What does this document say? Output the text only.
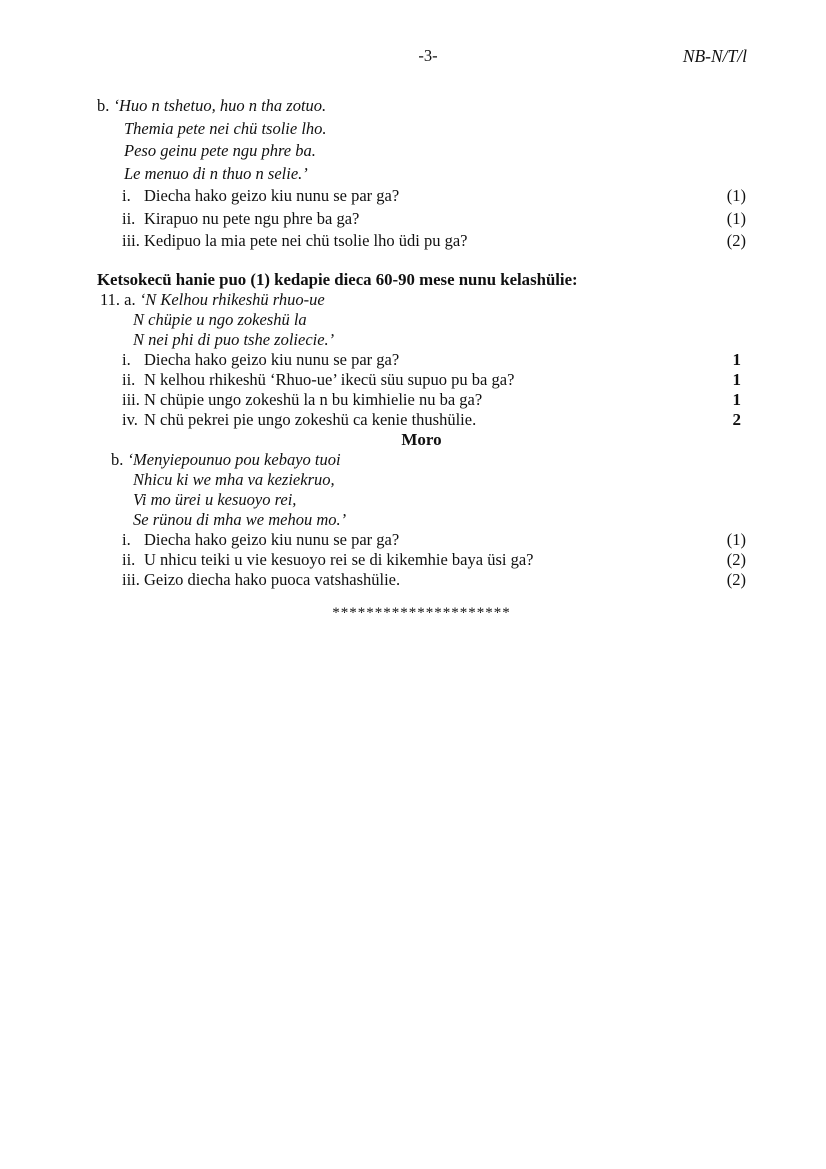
-3-	NB-N/T/l
b. ‘Huo n tshetuo, huo n tha zotuo.
Themia pete nei chü tsolie lho.
Peso geinu pete ngu phre ba.
Le menuo di n thuo n selie.’
i. Diecha hako geizo kiu nunu se par ga?	(1)
ii. Kirapuo nu pete ngu phre ba ga?	(1)
iii. Kedipuo la mia pete nei chü tsolie lho üdi pu ga?	(2)
Ketsokecü hanie puo (1) kedapie dieca 60-90 mese nunu kelashülie:
11. a. ‘N Kelhou rhikeshü rhuo-ue
N chüpie u ngo zokeshü la
N nei phi di puo tshe zoliecie.’
i. Diecha hako geizo kiu nunu se par ga?	1
ii. N kelhou rhikeshü ‘Rhuo-ue’ ikecü süu supuo pu ba ga?	1
iii. N chüpie ungo zokeshü la n bu kimhielie nu ba ga?	1
iv. N chü pekrei pie ungo zokeshü ca kenie thushülie.	2
Moro
b. ‘Menyiepounuo pou kebayo tuoi
Nhicu ki we mha va keziekruo,
Vi mo ürei u kesuoyo rei,
Se rünou di mha we mehou mo.’
i. Diecha hako geizo kiu nunu se par ga?	(1)
ii. U nhicu teiki u vie kesuoyo rei se di kikemhie baya üsi ga?	(2)
iii. Geizo diecha hako puoca vatshashülie.	(2)
*********************
